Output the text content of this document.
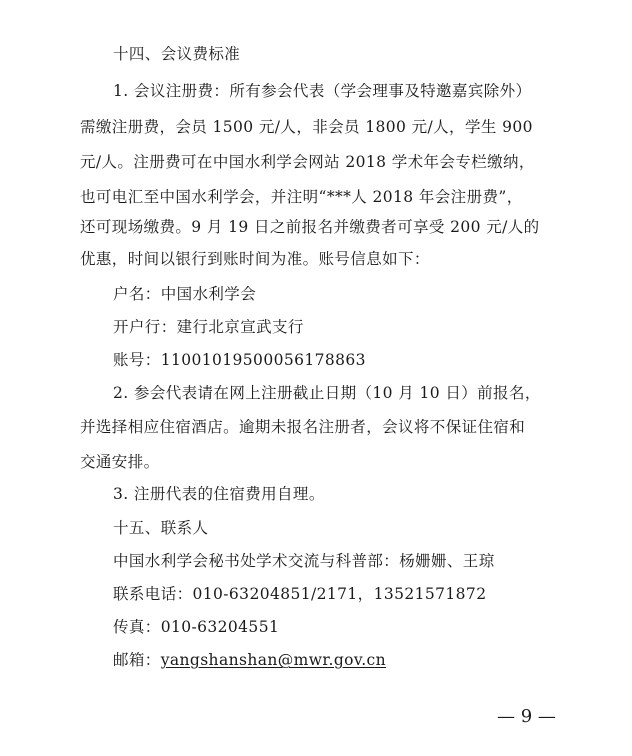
十四、会议费标准
1. 会议注册费：所有参会代表（学会理事及特邀嘉宾除外）
需缴注册费，会员 1500 元/人，非会员 1800 元/人，学生 900
元/人。注册费可在中国水利学会网站 2018 学术年会专栏缴纳，
也可电汇至中国水利学会，并注明“***人 2018 年会注册费”，
还可现场缴费。9 月 19 日之前报名并缴费者可享受 200 元/人的
优惠，时间以银行到账时间为准。账号信息如下：
户名：中国水利学会
开户行：建行北京宣武支行
账号：11001019500056178863
2. 参会代表请在网上注册截止日期（10 月 10 日）前报名，
并选择相应住宿酒店。逾期未报名注册者，会议将不保证住宿和
交通安排。
3. 注册代表的住宿费用自理。
十五、联系人
中国水利学会秘书处学术交流与科普部：杨姗姗、王琼
联系电话：010-63204851/2171，13521571872
传真：010-63204551
邮箱：yangshanshan@mwr.gov.cn
— 9 —
